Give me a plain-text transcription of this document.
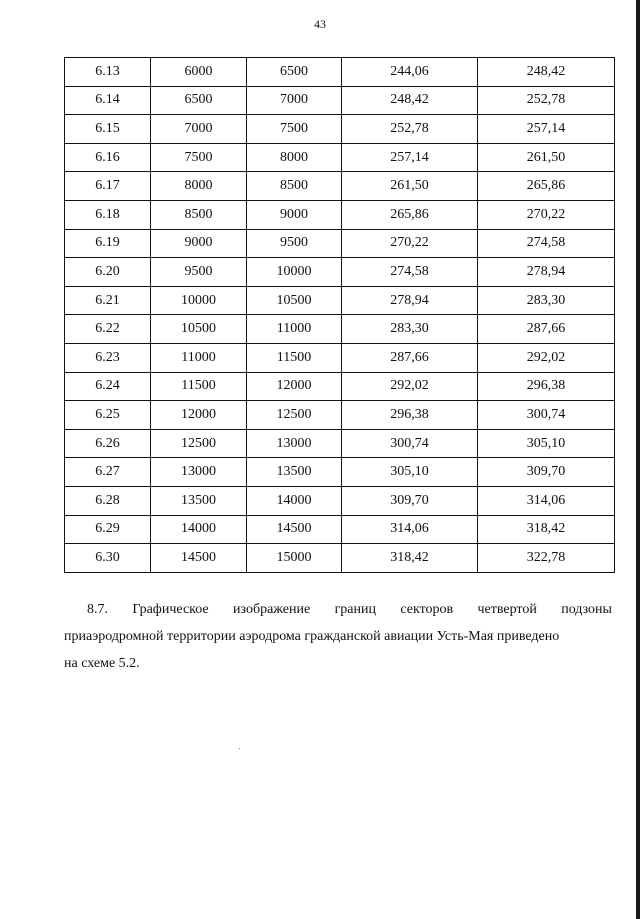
43
6.13	6000	6500	244,06	248,42
6.14	6500	7000	248,42	252,78
6.15	7000	7500	252,78	257,14
6.16	7500	8000	257,14	261,50
6.17	8000	8500	261,50	265,86
6.18	8500	9000	265,86	270,22
6.19	9000	9500	270,22	274,58
6.20	9500	10000	274,58	278,94
6.21	10000	10500	278,94	283,30
6.22	10500	11000	283,30	287,66
6.23	11000	11500	287,66	292,02
6.24	11500	12000	292,02	296,38
6.25	12000	12500	296,38	300,74
6.26	12500	13000	300,74	305,10
6.27	13000	13500	305,10	309,70
6.28	13500	14000	309,70	314,06
6.29	14000	14500	314,06	318,42
6.30	14500	15000	318,42	322,78
8.7. Графическое изображение границ секторов четвертой подзоны
приаэродромной территории аэродрома гражданской авиации Усть-Мая приведено
на схеме 5.2.
